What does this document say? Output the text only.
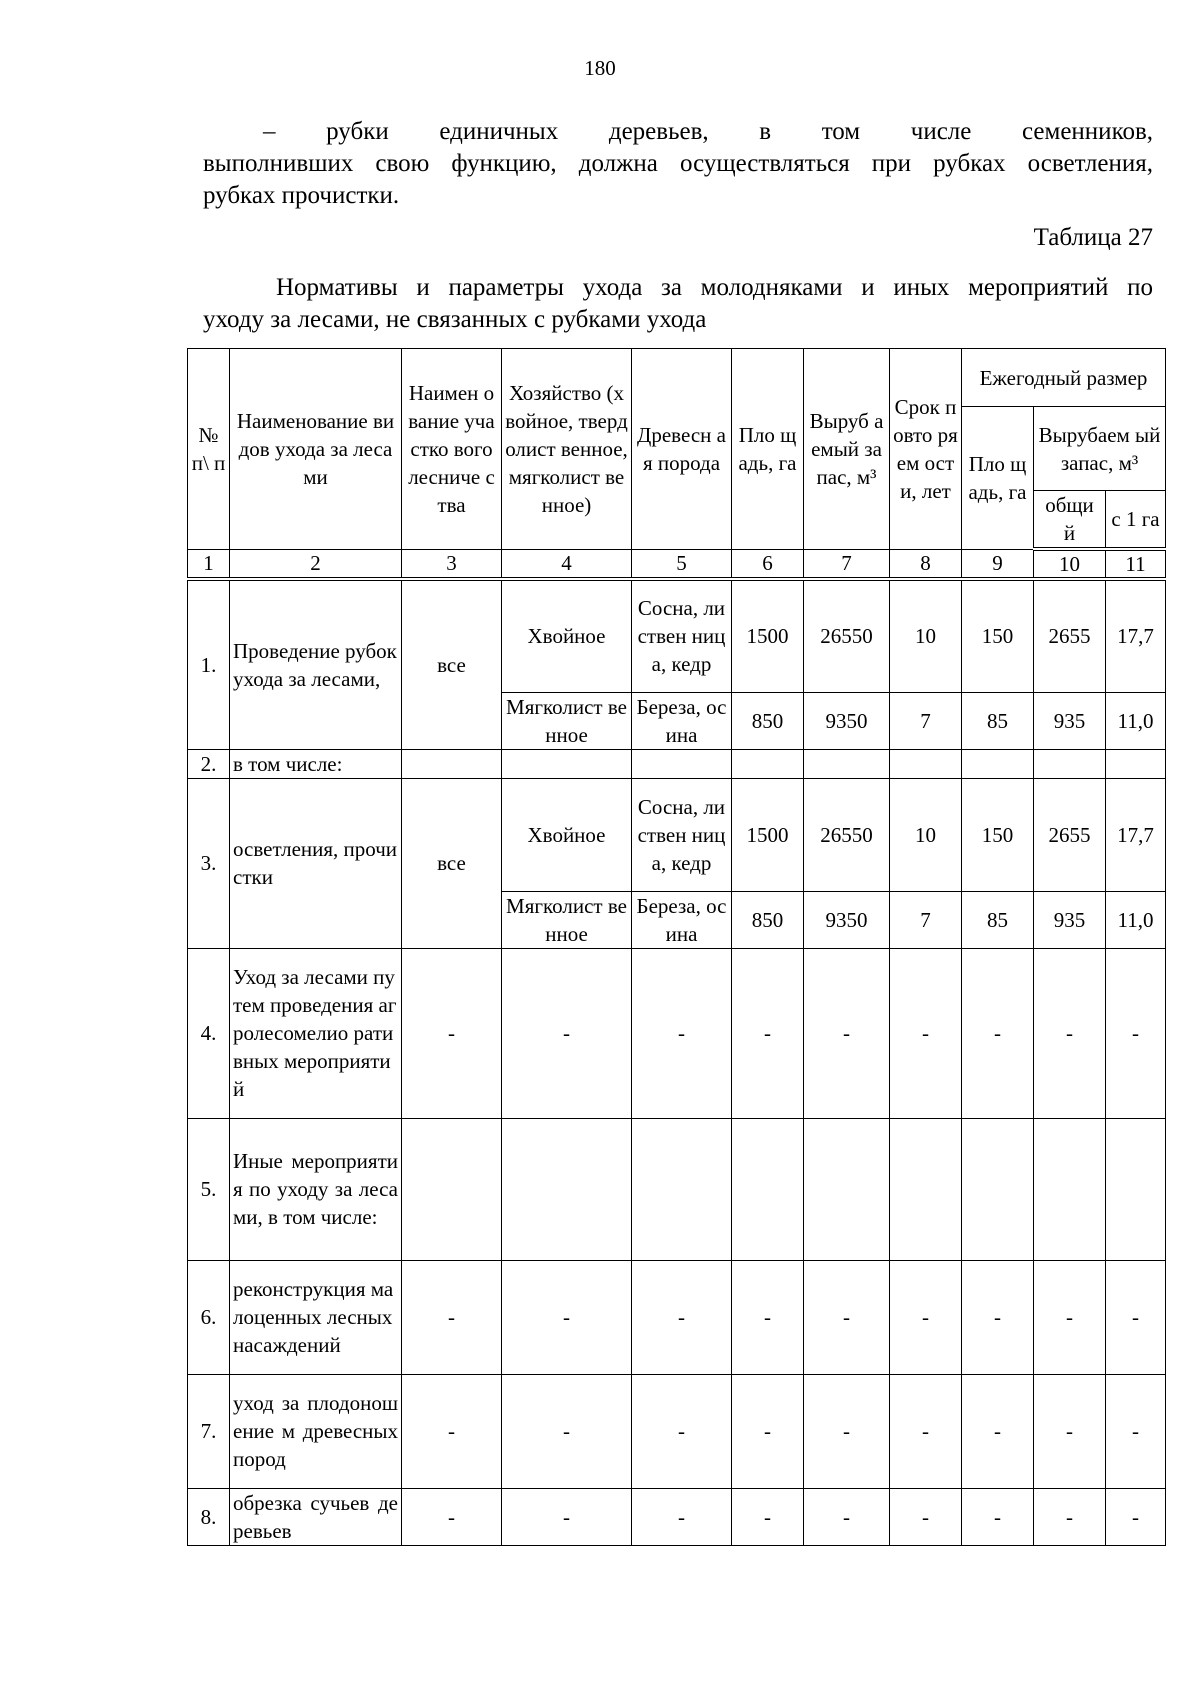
180
– рубки единичных деревьев, в том числе семенников,
выполнивших свою функцию, должна осуществляться при рубках осветления,
рубках прочистки.
Таблица 27
Нормативы и параметры ухода за молодняками и иных мероприятий по
уходу за лесами, не связанных с рубками ухода
№ п\ п	Наименование видов ухода за лесами	Наимен ование участко вого лесниче ства	Хозяйство (хвойное, твердолист венное, мягколист венное)	Древесн ая порода	Пло щадь, га	Выруб аемый запас, м³	Срок повто ряем ости, лет	Ежегодный размер		
								Пло щадь, га	Вырубаем ый запас, м³	
									общи й	с 1 га
1	2	3	4	5	6	7	8	9	10	11
1.	Проведение рубок ухода за лесами,	все	Хвойное	Сосна, листвен ница, кедр	1500	26550	10	150	2655	17,7
			Мягколист венное	Береза, осина	850	9350	7	85	935	11,0
2.	в том числе:									
3.	осветления, прочистки	все	Хвойное	Сосна, листвен ница, кедр	1500	26550	10	150	2655	17,7
			Мягколист венное	Береза, осина	850	9350	7	85	935	11,0
4.	Уход за лесами путем проведения агролесомелио ративных мероприятий	-	-	-	-	-	-	-	-	-
5.	Иные мероприятия по уходу за лесами, в том числе:									
6.	реконструкция малоценных лесных насаждений	-	-	-	-	-	-	-	-	-
7.	уход за плодоношение м древесных пород	-	-	-	-	-	-	-	-	-
8.	обрезка сучьев деревьев	-	-	-	-	-	-	-	-	-
